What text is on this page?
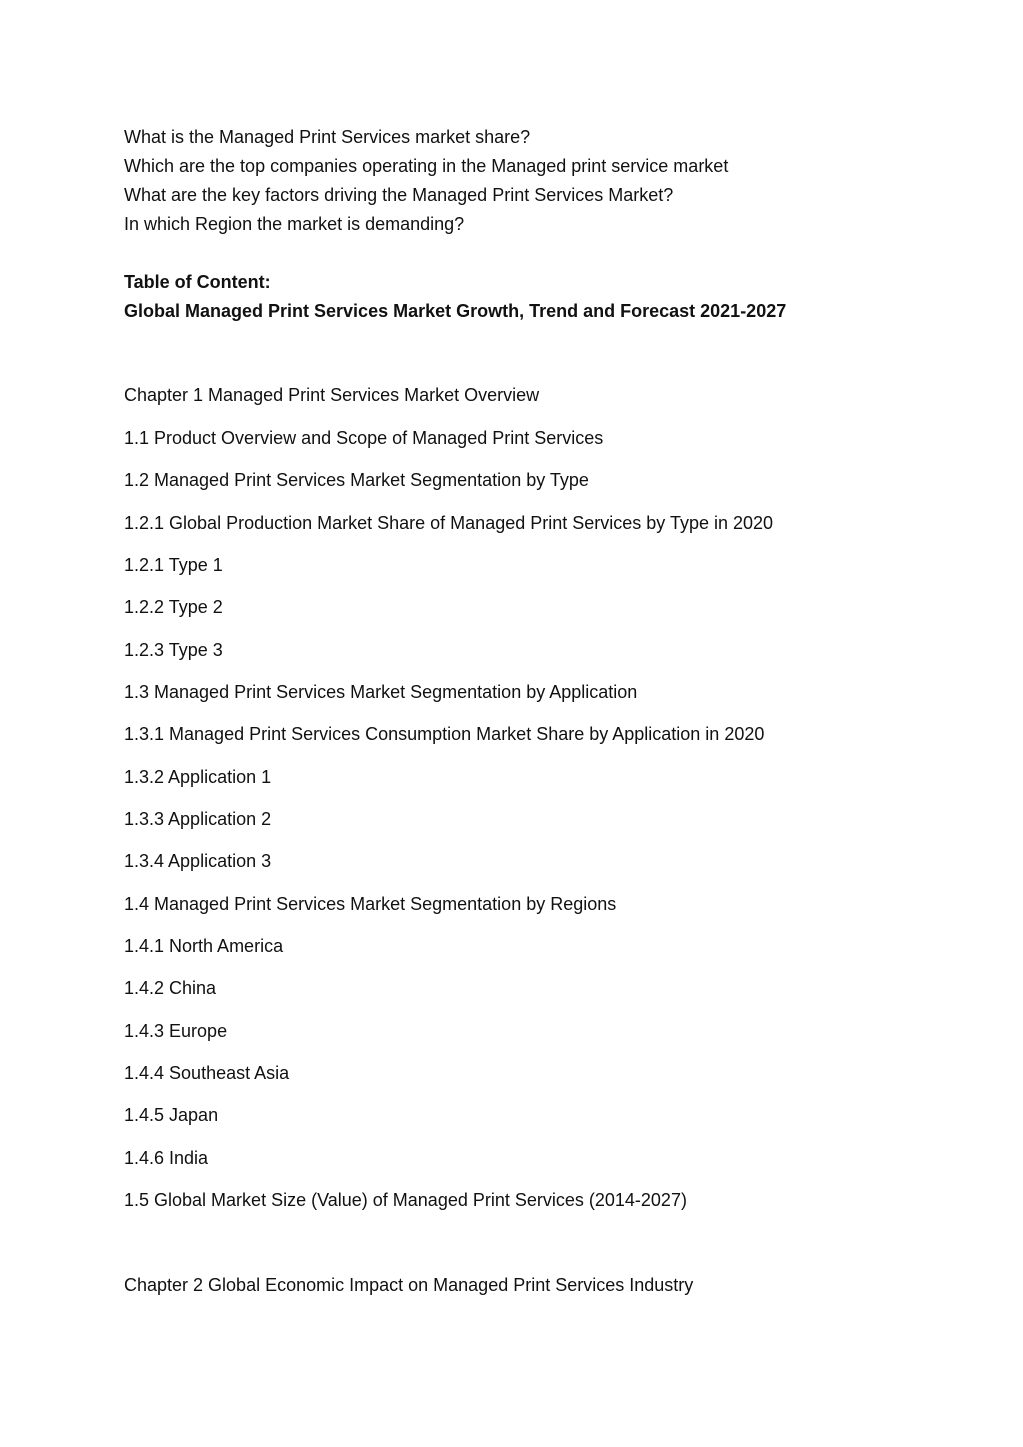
What is the Managed Print Services market share?
Which are the top companies operating in the Managed print service market
What are the key factors driving the Managed Print Services Market?
In which Region the market is demanding?
Table of Content:
Global Managed Print Services Market Growth, Trend and Forecast 2021-2027
Chapter 1 Managed Print Services Market Overview
1.1 Product Overview and Scope of Managed Print Services
1.2 Managed Print Services Market Segmentation by Type
1.2.1 Global Production Market Share of Managed Print Services by Type in 2020
1.2.1 Type 1
1.2.2 Type 2
1.2.3 Type 3
1.3 Managed Print Services Market Segmentation by Application
1.3.1 Managed Print Services Consumption Market Share by Application in 2020
1.3.2 Application 1
1.3.3 Application 2
1.3.4 Application 3
1.4 Managed Print Services Market Segmentation by Regions
1.4.1 North America
1.4.2 China
1.4.3 Europe
1.4.4 Southeast Asia
1.4.5 Japan
1.4.6 India
1.5 Global Market Size (Value) of Managed Print Services (2014-2027)
Chapter 2 Global Economic Impact on Managed Print Services Industry
